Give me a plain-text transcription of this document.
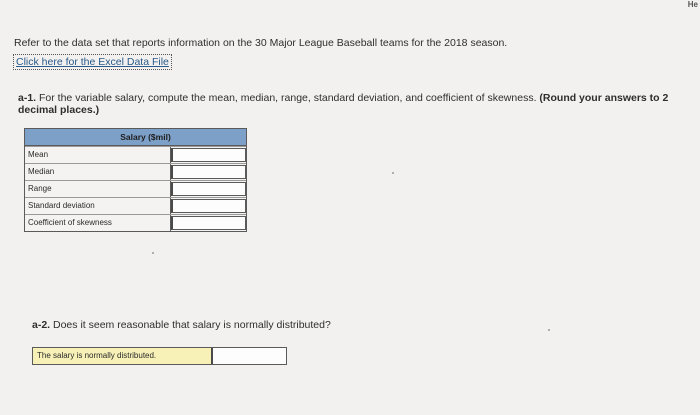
He
Refer to the data set that reports information on the 30 Major League Baseball teams for the 2018 season.
Click here for the Excel Data File
a-1. For the variable salary, compute the mean, median, range, standard deviation, and coefficient of skewness. (Round your answers to 2 decimal places.)
Salary ($mil)
Mean
Median
Range
Standard deviation
Coefficient of skewness
a-2. Does it seem reasonable that salary is normally distributed?
The salary is normally distributed.
